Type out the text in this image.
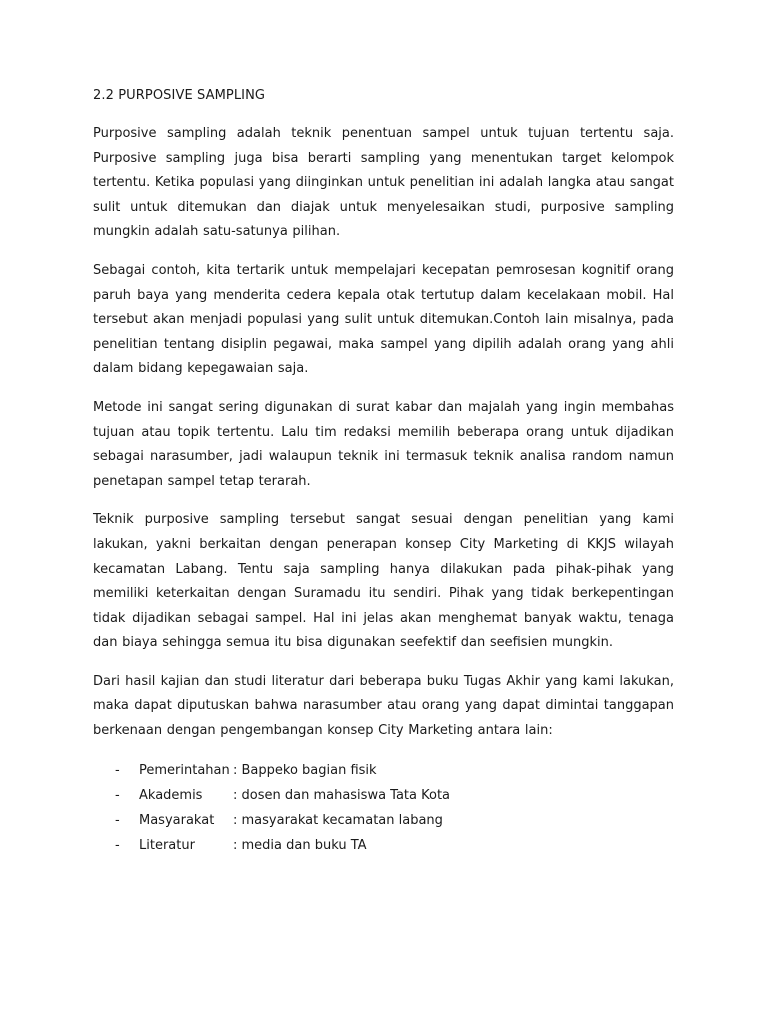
2.2 PURPOSIVE SAMPLING

Purposive sampling adalah teknik penentuan sampel untuk tujuan tertentu saja. Purposive sampling juga bisa berarti sampling yang menentukan target kelompok tertentu. Ketika populasi yang diinginkan untuk penelitian ini adalah langka atau sangat sulit untuk ditemukan dan diajak untuk menyelesaikan studi, purposive sampling mungkin adalah satu-satunya pilihan.

Sebagai contoh, kita tertarik untuk mempelajari kecepatan pemrosesan kognitif orang paruh baya yang menderita cedera kepala otak tertutup dalam kecelakaan mobil. Hal tersebut akan menjadi populasi yang sulit untuk ditemukan.Contoh lain misalnya, pada penelitian tentang disiplin pegawai, maka sampel yang dipilih adalah orang yang ahli dalam bidang kepegawaian saja.

Metode ini sangat sering digunakan di surat kabar dan majalah yang ingin membahas tujuan atau topik tertentu. Lalu tim redaksi memilih beberapa orang untuk dijadikan sebagai narasumber, jadi walaupun teknik ini termasuk teknik analisa random namun penetapan sampel tetap terarah.

Teknik purposive sampling tersebut sangat sesuai dengan penelitian yang kami lakukan, yakni berkaitan dengan penerapan konsep City Marketing di KKJS wilayah kecamatan Labang. Tentu saja sampling hanya dilakukan pada pihak-pihak yang memiliki keterkaitan dengan Suramadu itu sendiri. Pihak yang tidak berkepentingan tidak dijadikan sebagai sampel. Hal ini jelas akan menghemat banyak waktu, tenaga dan biaya sehingga semua itu bisa digunakan seefektif dan seefisien mungkin.

Dari hasil kajian dan studi literatur dari beberapa buku Tugas Akhir yang kami lakukan, maka dapat diputuskan bahwa narasumber atau orang yang dapat dimintai tanggapan berkenaan dengan pengembangan konsep City Marketing antara lain:

-	Pemerintahan : Bappeko bagian fisik
-	Akademis	: dosen dan mahasiswa Tata Kota
-	Masyarakat	: masyarakat kecamatan labang
-	Literatur	: media dan buku TA
